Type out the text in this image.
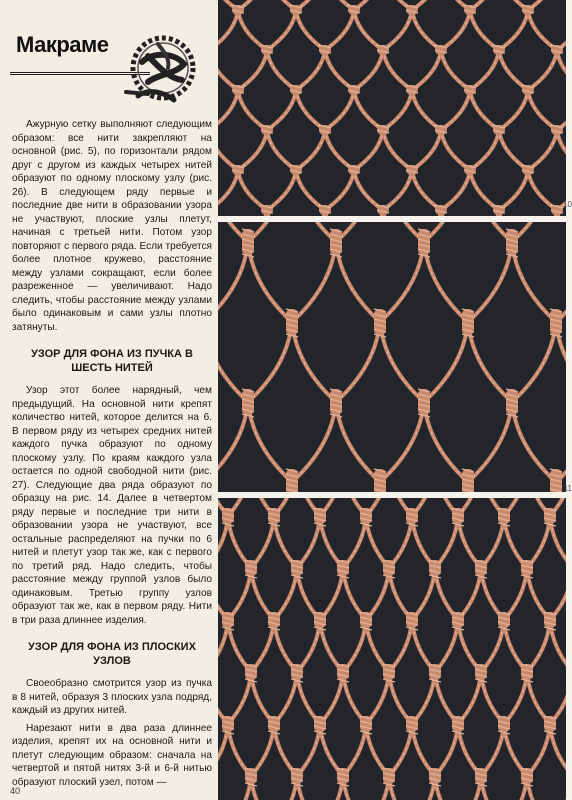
Макраме

Ажурную сетку выполняют следующим образом: все нити закрепляют на основной (рис. 5), по горизонтали рядом друг с другом из каждых четырех нитей образуют по одному плоскому узлу (рис. 26). В следующем ряду первые и последние две нити в образовании узора не участвуют, плоские узлы плетут, начиная с третьей нити. Потом узор повторяют с первого ряда. Если требуется более плотное кружево, расстояние между узлами сокращают, если более разреженное — увеличивают. Надо следить, чтобы расстояние между узлами было одинаковым и сами узлы плотно затянуты.

УЗОР ДЛЯ ФОНА ИЗ ПУЧКА В ШЕСТЬ НИТЕЙ

Узор этот более нарядный, чем предыдущий. На основной нити крепят количество нитей, которое делится на 6. В первом ряду из четырех средних нитей каждого пучка образуют по одному плоскому узлу. По краям каждого узла остается по одной свободной нити (рис. 27). Следующие два ряда образуют по образцу на рис. 14. Далее в четвертом ряду первые и последние три нити в образовании узора не участвуют, все остальные распределяют на пучки по 6 нитей и плетут узор так же, как с первого по третий ряд. Надо следить, чтобы расстояние между группой узлов было одинаковым. Третью группу узлов образуют так же, как в первом ряду. Нити в три раза длиннее изделия.

УЗОР ДЛЯ ФОНА ИЗ ПЛОСКИХ УЗЛОВ

Своеобразно смотрится узор из пучка в 8 нитей, образуя 3 плоских узла подряд, каждый из других нитей.

Нарезают нити в два раза длиннее изделия, крепят их на основной нити и плетут следующим образом: сначала на четвертой и пятой нитях 3-й и 6-й нитью образуют плоский узел, потом —

40
10
11
